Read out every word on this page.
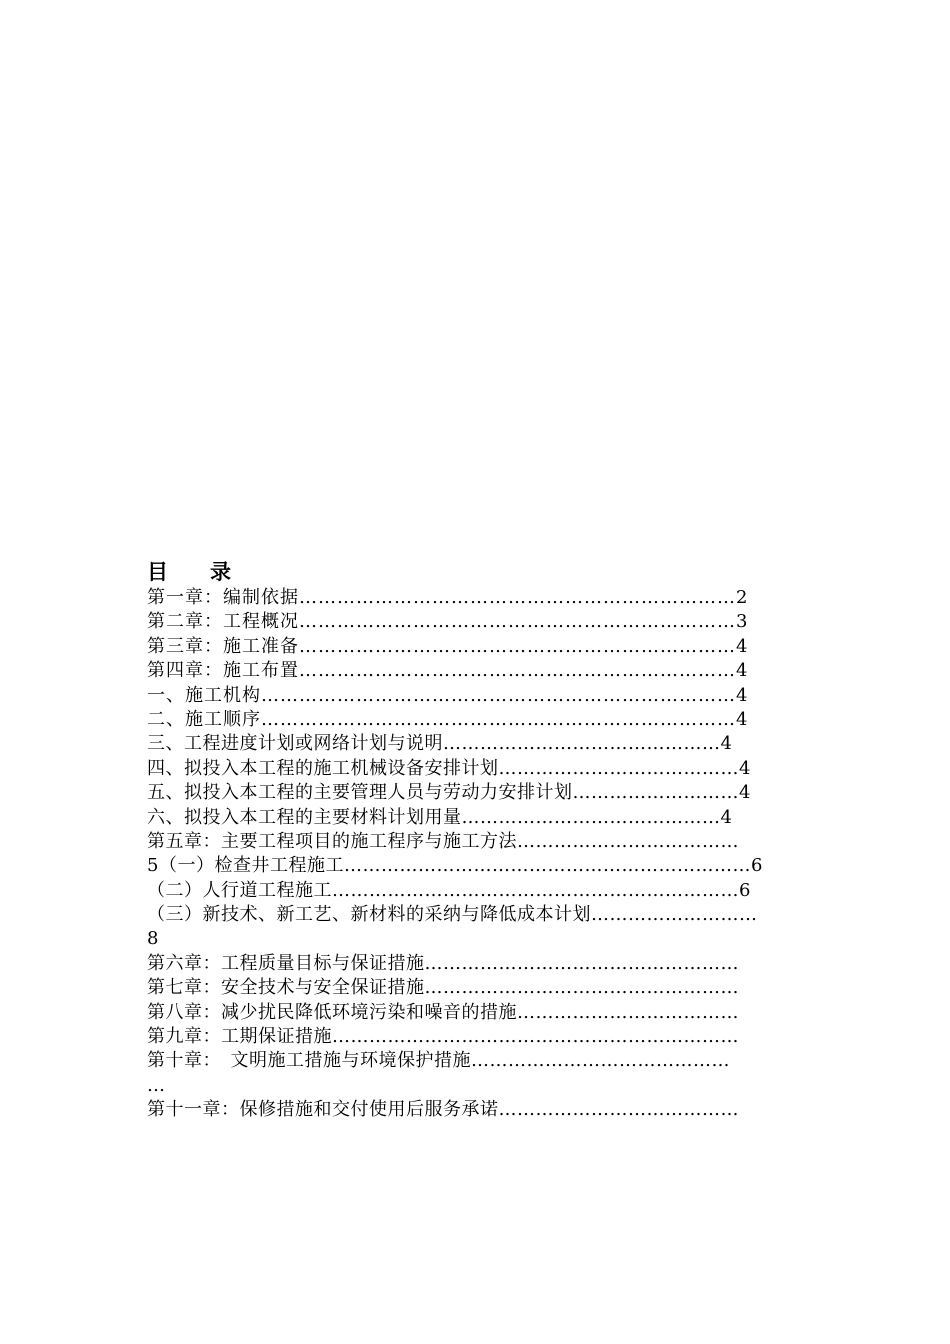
目　　录
第一章：编制依据……………………………………………………………2
第二章：工程概况……………………………………………………………3
第三章：施工准备……………………………………………………………4
第四章：施工布置……………………………………………………………4
一、施工机构…………………………………………………………………4
二、施工顺序…………………………………………………………………4
三、工程进度计划或网络计划与说明………………………………………4
四、拟投入本工程的施工机械设备安排计划…………………………………4
五、拟投入本工程的主要管理人员与劳动力安排计划………………………4
六、拟投入本工程的主要材料计划用量……………………………………4
第五章：主要工程项目的施工程序与施工方法………………………………
5（一）检查井工程施工…………………………………………………………6
（二）人行道工程施工…………………………………………………………6
（三）新技术、新工艺、新材料的采纳与降低成本计划………………………
8
第六章：工程质量目标与保证措施……………………………………………
第七章：安全技术与安全保证措施……………………………………………
第八章：减少扰民降低环境污染和噪音的措施………………………………
第九章：工期保证措施…………………………………………………………
第十章：　文明施工措施与环境保护措施……………………………………
…
第十一章：保修措施和交付使用后服务承诺…………………………………
